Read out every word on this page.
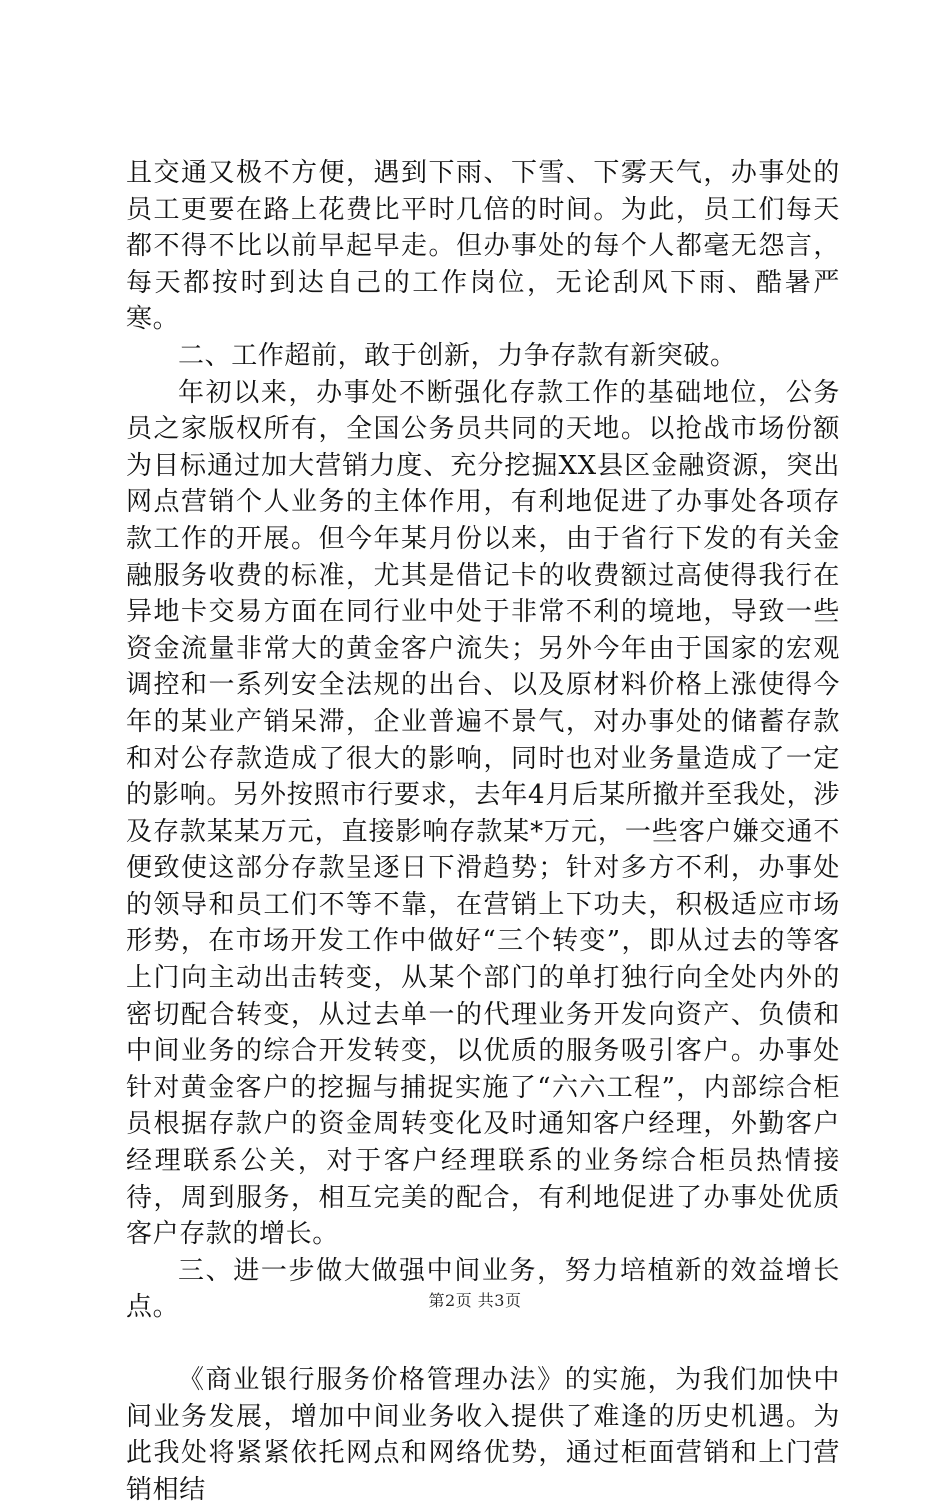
且交通又极不方便，遇到下雨、下雪、下雾天气，办事处的员工更要在路上花费比平时几倍的时间。为此，员工们每天都不得不比以前早起早走。但办事处的每个人都毫无怨言，每天都按时到达自己的工作岗位，无论刮风下雨、酷暑严寒。

二、工作超前，敢于创新，力争存款有新突破。

年初以来，办事处不断强化存款工作的基础地位，公务员之家版权所有，全国公务员共同的天地。以抢战市场份额为目标通过加大营销力度、充分挖掘XX县区金融资源，突出网点营销个人业务的主体作用，有利地促进了办事处各项存款工作的开展。但今年某月份以来，由于省行下发的有关金融服务收费的标准，尤其是借记卡的收费额过高使得我行在异地卡交易方面在同行业中处于非常不利的境地，导致一些资金流量非常大的黄金客户流失；另外今年由于国家的宏观调控和一系列安全法规的出台、以及原材料价格上涨使得今年的某业产销呆滞，企业普遍不景气，对办事处的储蓄存款和对公存款造成了很大的影响，同时也对业务量造成了一定的影响。另外按照市行要求，去年4月后某所撤并至我处，涉及存款某某万元，直接影响存款某*万元，一些客户嫌交通不便致使这部分存款呈逐日下滑趋势；针对多方不利，办事处的领导和员工们不等不靠，在营销上下功夫，积极适应市场形势，在市场开发工作中做好“三个转变”，即从过去的等客上门向主动出击转变，从某个部门的单打独行向全处内外的密切配合转变，从过去单一的代理业务开发向资产、负债和中间业务的综合开发转变，以优质的服务吸引客户。办事处针对黄金客户的挖掘与捕捉实施了“六六工程”，内部综合柜员根据存款户的资金周转变化及时通知客户经理，外勤客户经理联系公关，对于客户经理联系的业务综合柜员热情接待，周到服务，相互完美的配合，有利地促进了办事处优质客户存款的增长。

三、进一步做大做强中间业务，努力培植新的效益增长点。

《商业银行服务价格管理办法》的实施，为我们加快中间业务发展，增加中间业务收入提供了难逢的历史机遇。为此我处将紧紧依托网点和网络优势，通过柜面营销和上门营销相结

第2页 共3页
